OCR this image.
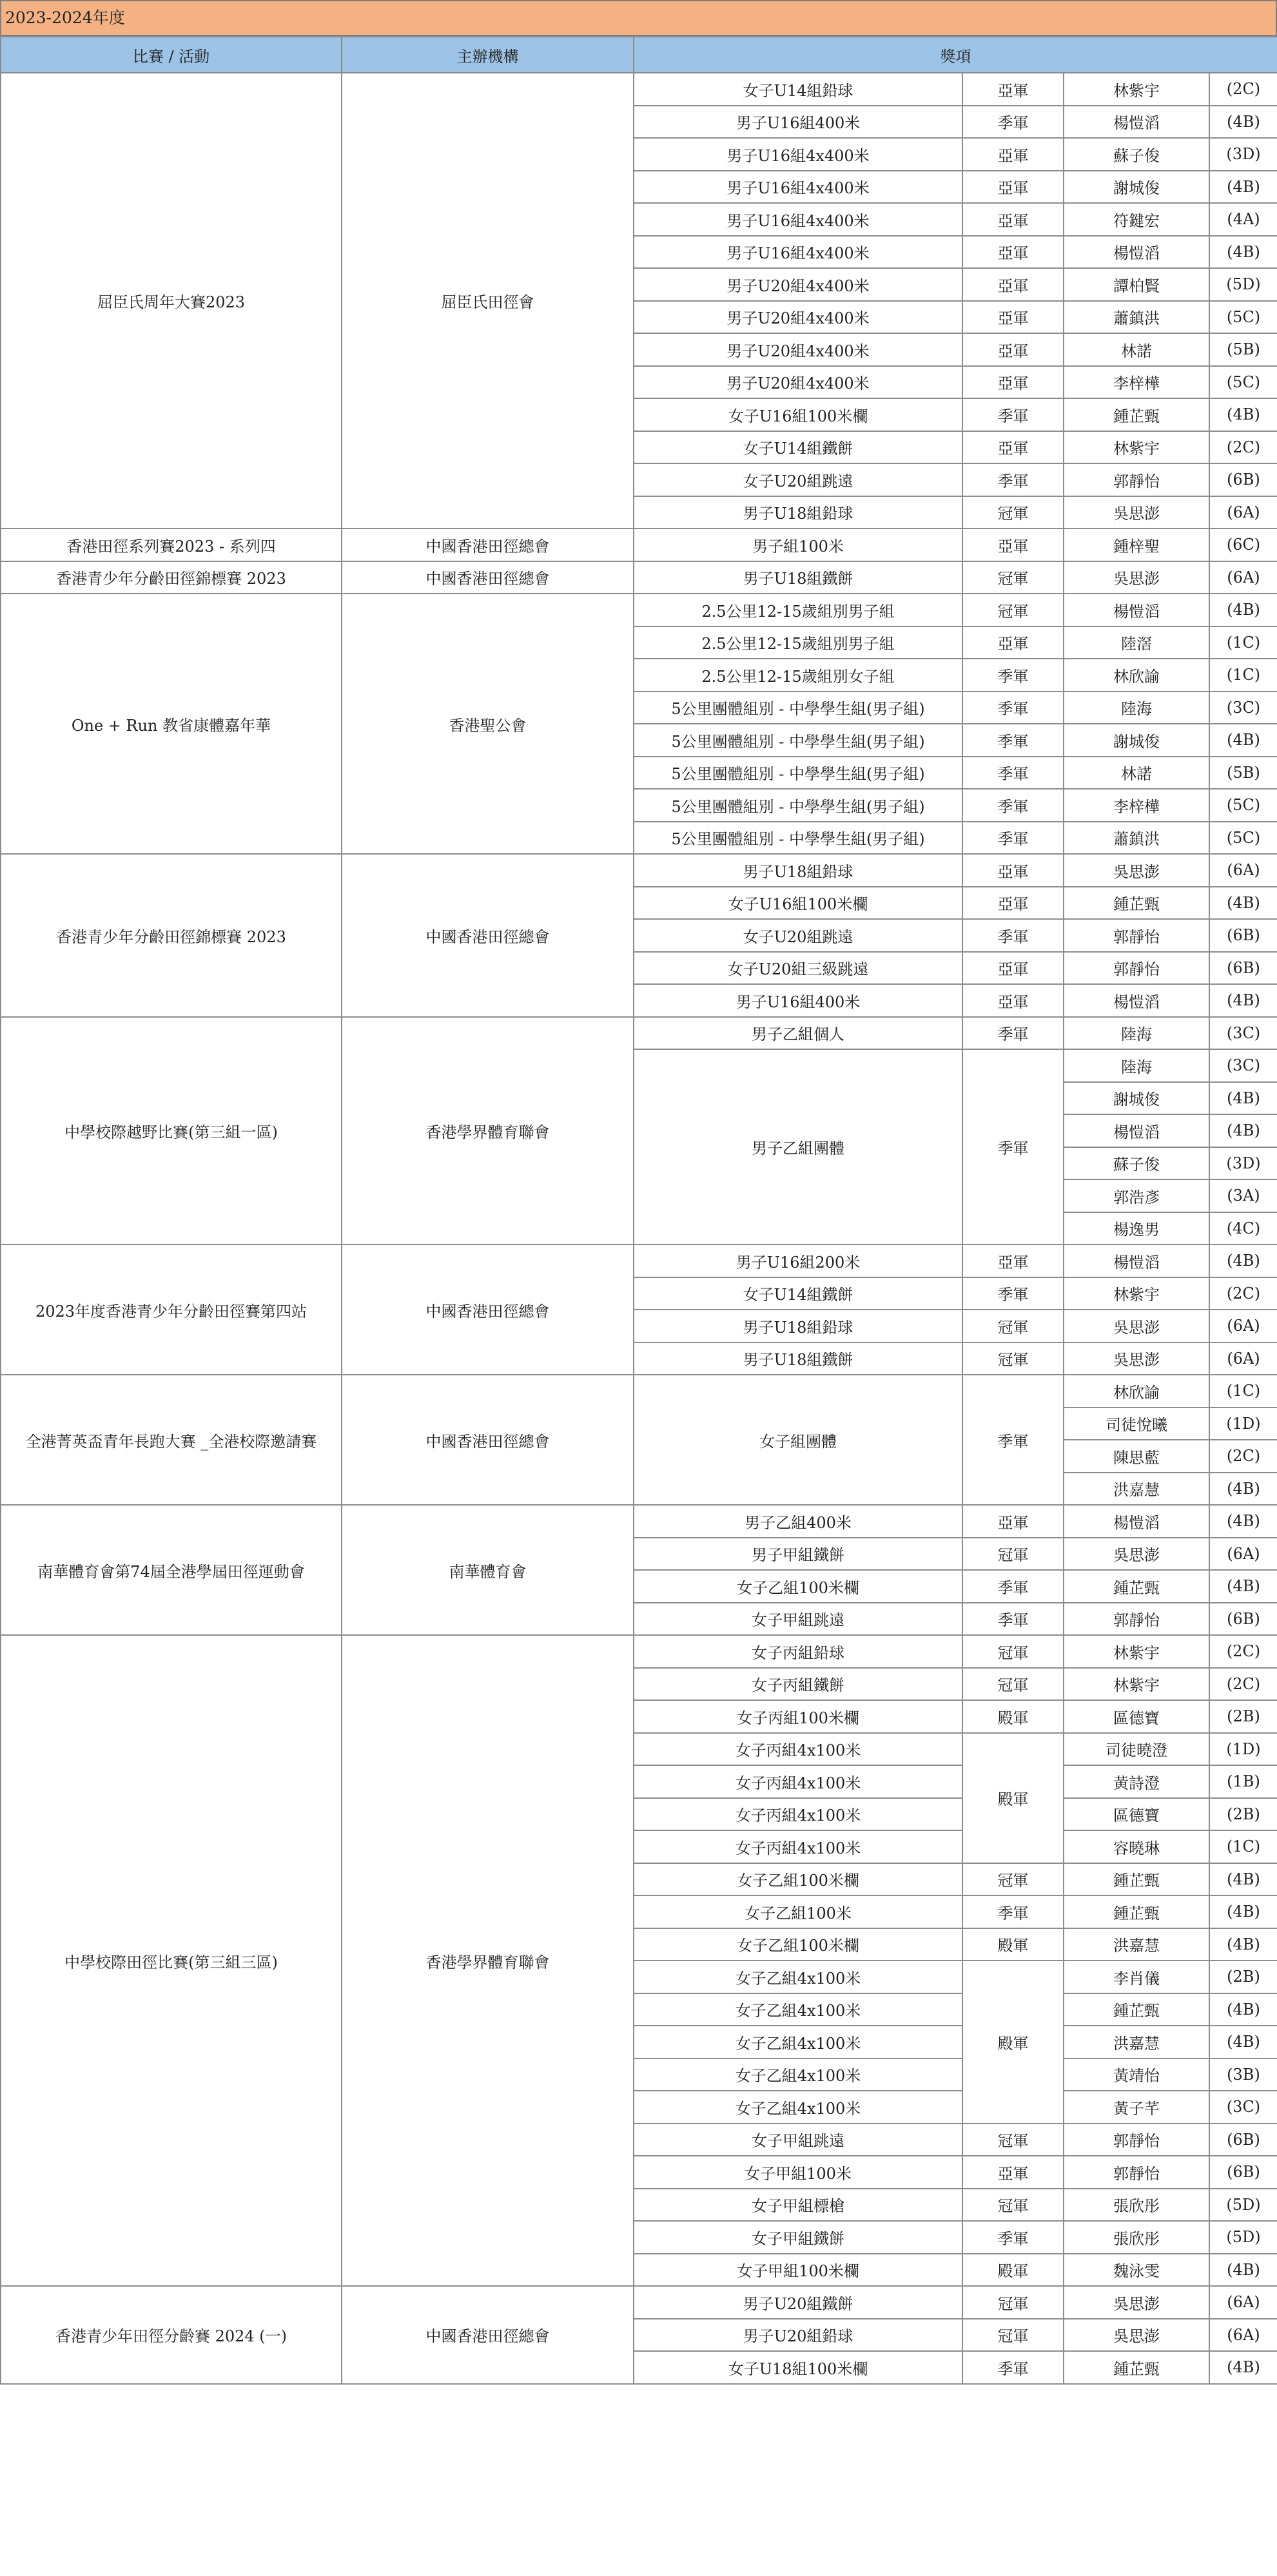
2023-2024年度
比賽 / 活動	主辦機構	獎項			
屈臣氏周年大賽2023	屈臣氏田徑會	女子U14組鉛球	亞軍	林紫宇	(2C)
		男子U16組400米	季軍	楊愷滔	(4B)
		男子U16組4x400米	亞軍	蘇子俊	(3D)
		男子U16組4x400米	亞軍	謝城俊	(4B)
		男子U16組4x400米	亞軍	符鍵宏	(4A)
		男子U16組4x400米	亞軍	楊愷滔	(4B)
		男子U20組4x400米	亞軍	譚柏賢	(5D)
		男子U20組4x400米	亞軍	蕭鎮洪	(5C)
		男子U20組4x400米	亞軍	林諾	(5B)
		男子U20組4x400米	亞軍	李梓樺	(5C)
		女子U16組100米欄	季軍	鍾芷甄	(4B)
		女子U14組鐵餅	亞軍	林紫宇	(2C)
		女子U20組跳遠	季軍	郭靜怡	(6B)
		男子U18組鉛球	冠軍	吳思澎	(6A)
香港田徑系列賽2023 - 系列四	中國香港田徑總會	男子組100米	亞軍	鍾梓聖	(6C)
香港青少年分齡田徑錦標賽 2023	中國香港田徑總會	男子U18組鐵餅	冠軍	吳思澎	(6A)
One + Run 教省康體嘉年華	香港聖公會	2.5公里12-15歲組別男子組	冠軍	楊愷滔	(4B)
		2.5公里12-15歲組別男子組	亞軍	陸滘	(1C)
		2.5公里12-15歲組別女子組	季軍	林欣諭	(1C)
		5公里團體組別 - 中學學生組(男子組)	季軍	陸海	(3C)
		5公里團體組別 - 中學學生組(男子組)	季軍	謝城俊	(4B)
		5公里團體組別 - 中學學生組(男子組)	季軍	林諾	(5B)
		5公里團體組別 - 中學學生組(男子組)	季軍	李梓樺	(5C)
		5公里團體組別 - 中學學生組(男子組)	季軍	蕭鎮洪	(5C)
香港青少年分齡田徑錦標賽 2023	中國香港田徑總會	男子U18組鉛球	亞軍	吳思澎	(6A)
		女子U16組100米欄	亞軍	鍾芷甄	(4B)
		女子U20組跳遠	季軍	郭靜怡	(6B)
		女子U20組三級跳遠	亞軍	郭靜怡	(6B)
		男子U16組400米	亞軍	楊愷滔	(4B)
中學校際越野比賽(第三組一區)	香港學界體育聯會	男子乙組個人	季軍	陸海	(3C)
		男子乙組團體	季軍	陸海	(3C)
				謝城俊	(4B)
				楊愷滔	(4B)
				蘇子俊	(3D)
				郭浩彥	(3A)
				楊逸男	(4C)
2023年度香港青少年分齡田徑賽第四站	中國香港田徑總會	男子U16組200米	亞軍	楊愷滔	(4B)
		女子U14組鐵餅	季軍	林紫宇	(2C)
		男子U18組鉛球	冠軍	吳思澎	(6A)
		男子U18組鐵餅	冠軍	吳思澎	(6A)
全港菁英盃青年長跑大賽 _全港校際邀請賽	中國香港田徑總會	女子組團體	季軍	林欣諭	(1C)
				司徒悅曦	(1D)
				陳思藍	(2C)
				洪嘉慧	(4B)
南華體育會第74屆全港學屆田徑運動會	南華體育會	男子乙組400米	亞軍	楊愷滔	(4B)
		男子甲組鐵餅	冠軍	吳思澎	(6A)
		女子乙組100米欄	季軍	鍾芷甄	(4B)
		女子甲組跳遠	季軍	郭靜怡	(6B)
中學校際田徑比賽(第三組三區)	香港學界體育聯會	女子丙組鉛球	冠軍	林紫宇	(2C)
		女子丙組鐵餅	冠軍	林紫宇	(2C)
		女子丙組100米欄	殿軍	區德寶	(2B)
		女子丙組4x100米	殿軍	司徒曉澄	(1D)
		女子丙組4x100米		黃詩澄	(1B)
		女子丙組4x100米		區德寶	(2B)
		女子丙組4x100米		容曉琳	(1C)
		女子乙組100米欄	冠軍	鍾芷甄	(4B)
		女子乙組100米	季軍	鍾芷甄	(4B)
		女子乙組100米欄	殿軍	洪嘉慧	(4B)
		女子乙組4x100米	殿軍	李肖儀	(2B)
		女子乙組4x100米		鍾芷甄	(4B)
		女子乙組4x100米		洪嘉慧	(4B)
		女子乙組4x100米		黃靖怡	(3B)
		女子乙組4x100米		黃子芊	(3C)
		女子甲組跳遠	冠軍	郭靜怡	(6B)
		女子甲組100米	亞軍	郭靜怡	(6B)
		女子甲組標槍	冠軍	張欣彤	(5D)
		女子甲組鐵餅	季軍	張欣彤	(5D)
		女子甲組100米欄	殿軍	魏泳雯	(4B)
香港青少年田徑分齡賽 2024 (一)	中國香港田徑總會	男子U20組鐵餅	冠軍	吳思澎	(6A)
		男子U20組鉛球	冠軍	吳思澎	(6A)
		女子U18組100米欄	季軍	鍾芷甄	(4B)
